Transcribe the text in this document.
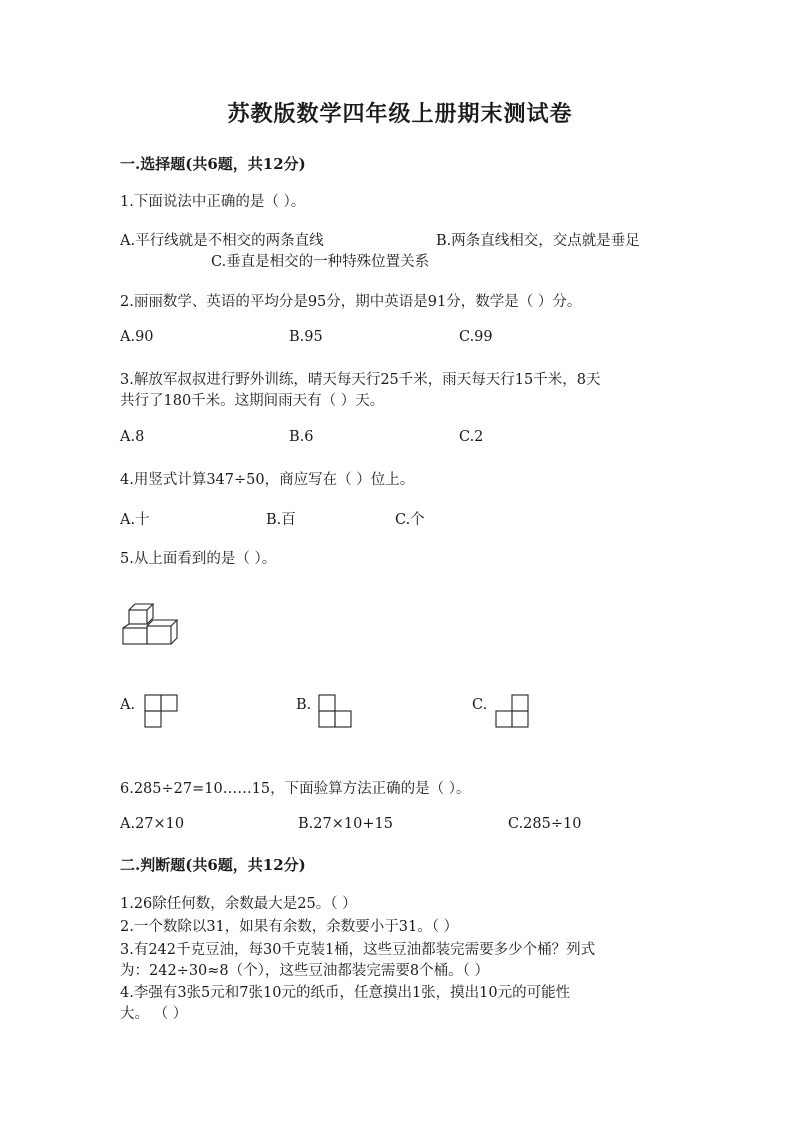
苏教版数学四年级上册期末测试卷
一.选择题(共6题，共12分)
1.下面说法中正确的是（ ）。
A.平行线就是不相交的两条直线	B.两条直线相交，交点就是垂足
C.垂直是相交的一种特殊位置关系
2.丽丽数学、英语的平均分是95分，期中英语是91分，数学是（ ）分。
A.90	B.95	C.99
3.解放军叔叔进行野外训练，晴天每天行25千米，雨天每天行15千米，8天
共行了180千米。这期间雨天有（ ）天。
A.8	B.6	C.2
4.用竖式计算347÷50，商应写在（ ）位上。
A.十	B.百	C.个
5.从上面看到的是（ ）。
A.	B.	C.
6.285÷27=10……15，下面验算方法正确的是（ ）。
A.27×10	B.27×10+15	C.285÷10
二.判断题(共6题，共12分)
1.26除任何数，余数最大是25。（ ）
2.一个数除以31，如果有余数，余数要小于31。（ ）
3.有242千克豆油，每30千克装1桶，这些豆油都装完需要多少个桶？列式
为：242÷30≈8（个），这些豆油都装完需要8个桶。（ ）
4.李强有3张5元和7张10元的纸币，任意摸出1张，摸出10元的可能性
大。 （ ）
